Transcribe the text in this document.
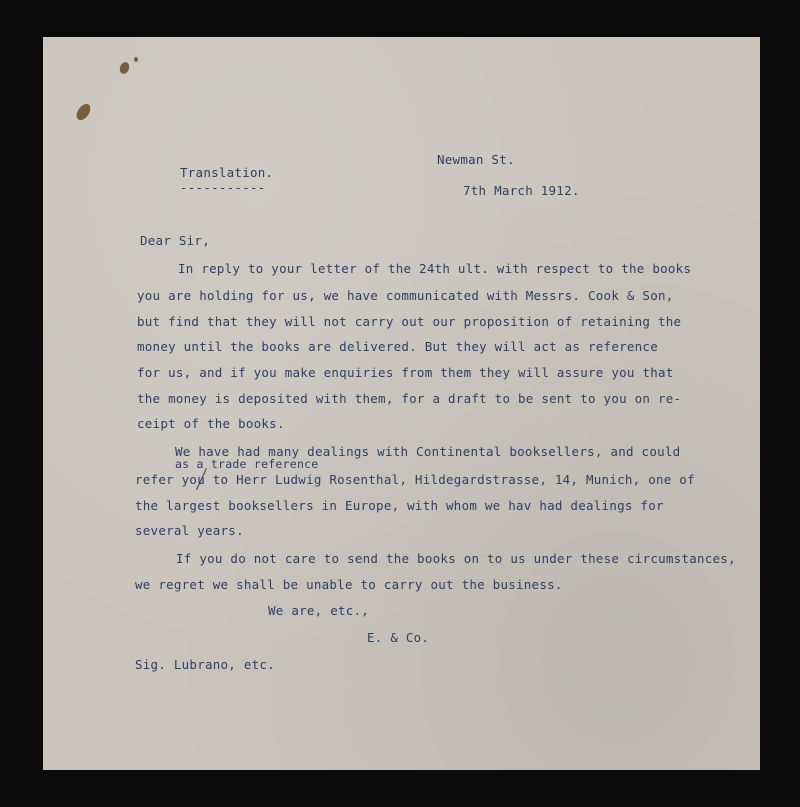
Translation.

-----------

Newman St.

7th March 1912.

Dear Sir,

In reply to your letter of the 24th ult. with respect to the books

you are holding for us, we have communicated with Messrs. Cook & Son,

but find that they will not carry out our proposition of retaining the

money until the books are delivered. But they will act as reference

for us, and if you make enquiries from them they will assure you that

the money is deposited with them, for a draft to be sent to you on re-

ceipt of the books.

We have had many dealings with Continental booksellers, and could

as a trade reference

refer you to Herr Ludwig Rosenthal, Hildegardstrasse, 14, Munich, one of

the largest booksellers in Europe, with whom we hav had dealings for

several years.

If you do not care to send the books on to us under these circumstances,

we regret we shall be unable to carry out the business.

We are, etc.,

E. & Co.

Sig. Lubrano, etc.
